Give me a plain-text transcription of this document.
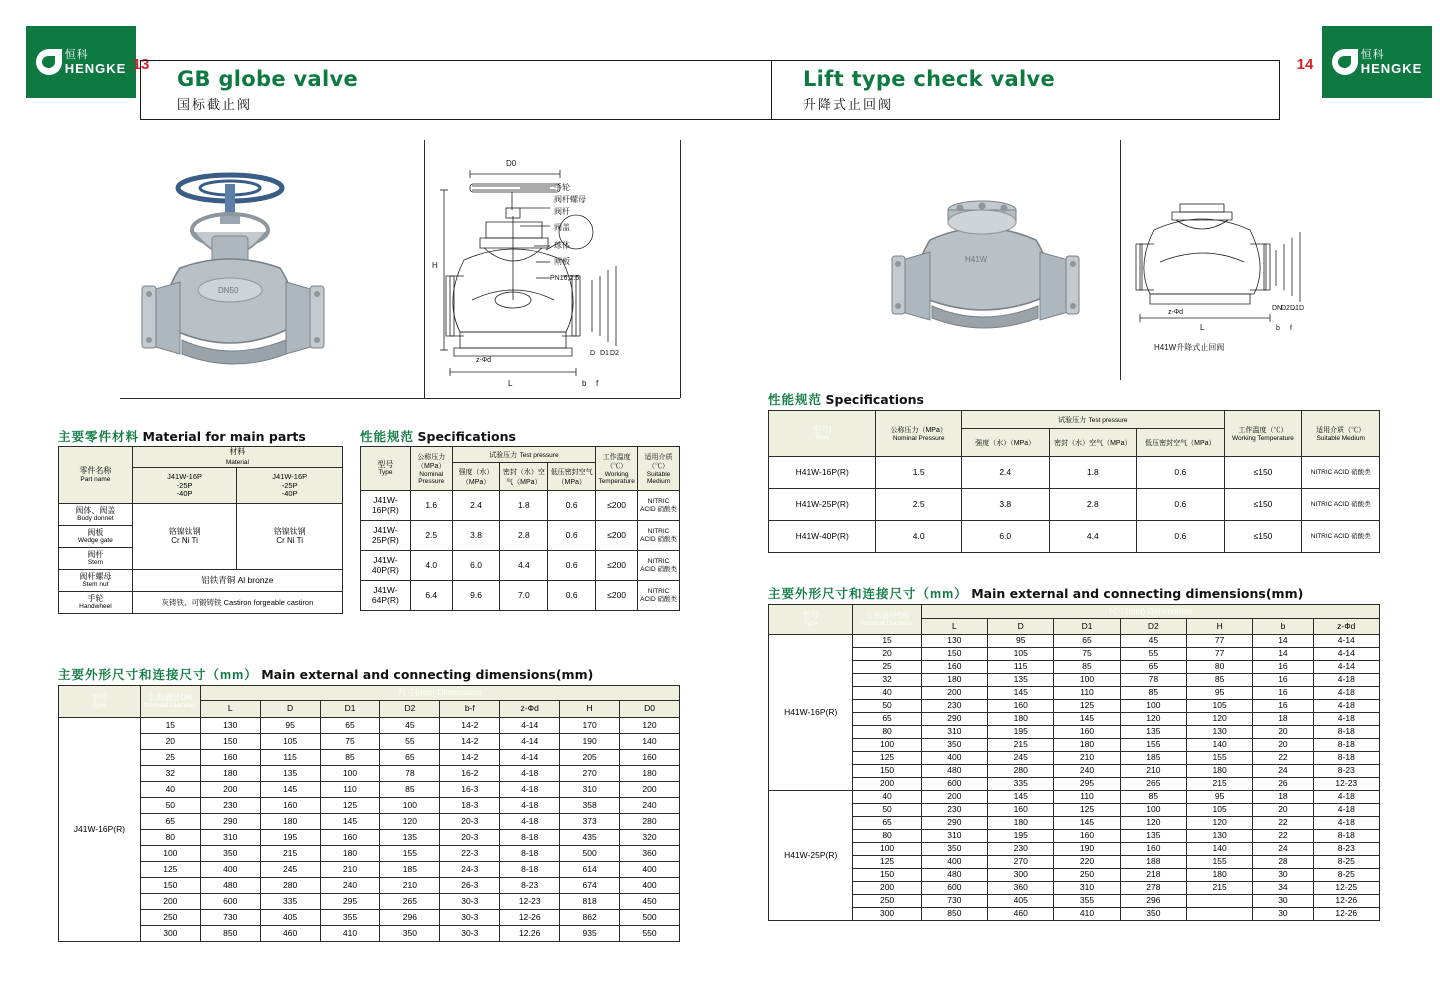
恒科
HENGKE
恒科
HENGKE
13	14
GB globe valve
国标截止阀
Lift type check valve
升降式止回阀
DN50
D0
H
L	b f
z-Фd
D D1 D2
手轮
阀杆螺母
阀杆
阀盖
球体
闸板
PN16,2.5
主要零件材料 Material for main parts
零件名称
Part name	材料
Material	
	J41W-16P
-25P
-40P	J41W-16P
-25P
-40P

阀体、阀盖
Body donnet	铬镍钛钢
Cr Ni Ti	铬镍钛钢
Cr Ni Ti

阀板
Wedge gate		

阀杆
Stem		

阀杆螺母
Stem nut	铝铁青铜 Al bronze	

手轮
Handwheel	灰铸铁、可锻铸铁 Castiron forgeable castiron	
性能规范 Specifications
型号
Type	公称压力（MPa）
Nominal Pressure	试验压力 Test pressure			工作温度（℃）
Working Temperature	适用介质（℃）
Suitable Medium

		强度（水）（MPa）	密封（水）空气（MPa）	低压密封空气（MPa）		
J41W-16P(R)	1.6	2.4	1.8	0.6	≤200	NITRIC ACID 硝酸类
J41W-25P(R)	2.5	3.8	2.8	0.6	≤200	NITRIC ACID 硝酸类
J41W-40P(R)	4.0	6.0	4.4	0.6	≤200	NITRIC ACID 硝酸类
J41W-64P(R)	6.4	9.6	7.0	0.6	≤200	NITRIC ACID 硝酸类
主要外形尺寸和连接尺寸（mm） Main external and connecting dimensions(mm)
型号
Type	公称通径DN
Nominal Diameter	尺寸(mm) Dimensions							
		L	D	D1	D2	b-f	z-Фd	H	D0
J41W-16P(R)	15	130	95	65	45	14-2	4-14	170	120
	20	150	105	75	55	14-2	4-14	190	140
	25	160	115	85	65	14-2	4-14	205	160
	32	180	135	100	78	16-2	4-18	270	180
	40	200	145	110	85	16-3	4-18	310	200
	50	230	160	125	100	18-3	4-18	358	240
	65	290	180	145	120	20-3	4-18	373	280
	80	310	195	160	135	20-3	8-18	435	320
	100	350	215	180	155	22-3	8-18	500	360
	125	400	245	210	185	24-3	8-18	614	400
	150	480	280	240	210	26-3	8-23	674	400
	200	600	335	295	265	30-3	12-23	818	450
	250	730	405	355	296	30-3	12-26	862	500
	300	850	460	410	350	30-3	12.26	935	550
H41W
DN
D2 D1 D
L
z-Фd
b f
H41W升降式止回阀
性能规范 Specifications
型号)
Type	公称压力（MPa）
Nominal Pressure	试验压力 Test pressure			工作温度（℃）
Working Temperature	适用介质（℃）
Suitable Medium

		强度（水）（MPa）	密封（水）空气（MPa）	低压密封空气（MPa）		
H41W-16P(R)	1.5	2.4	1.8	0.6	≤150	NITRIC ACID 硝酸类
H41W-25P(R)	2.5	3.8	2.8	0.6	≤150	NITRIC ACID 硝酸类
H41W-40P(R)	4.0	6.0	4.4	0.6	≤150	NITRIC ACID 硝酸类
主要外形尺寸和连接尺寸（mm） Main external and connecting dimensions(mm)
型号
Type	公称通径DN
Nominal Diameter	尺寸(mm) Dimensions						
		L	D	D1	D2	H	b	z-Фd
H41W-16P(R)	15	130	95	65	45	77	14	4-14
	20	150	105	75	55	77	14	4-14
	25	160	115	85	65	80	16	4-14
	32	180	135	100	78	85	16	4-18
	40	200	145	110	85	95	16	4-18
	50	230	160	125	100	105	16	4-18
	65	290	180	145	120	120	18	4-18
	80	310	195	160	135	130	20	8-18
	100	350	215	180	155	140	20	8-18
	125	400	245	210	185	155	22	8-18
	150	480	280	240	210	180	24	8-23
	200	600	335	295	265	215	26	12-23
H41W-25P(R)	40	200	145	110	85	95	18	4-18
	50	230	160	125	100	105	20	4-18
	65	290	180	145	120	120	22	4-18
	80	310	195	160	135	130	22	8-18
	100	350	230	190	160	140	24	8-23
	125	400	270	220	188	155	28	8-25
	150	480	300	250	218	180	30	8-25
	200	600	360	310	278	215	34	12-25
	250	730	405	355	296		30	12-26
	300	850	460	410	350		30	12-26
